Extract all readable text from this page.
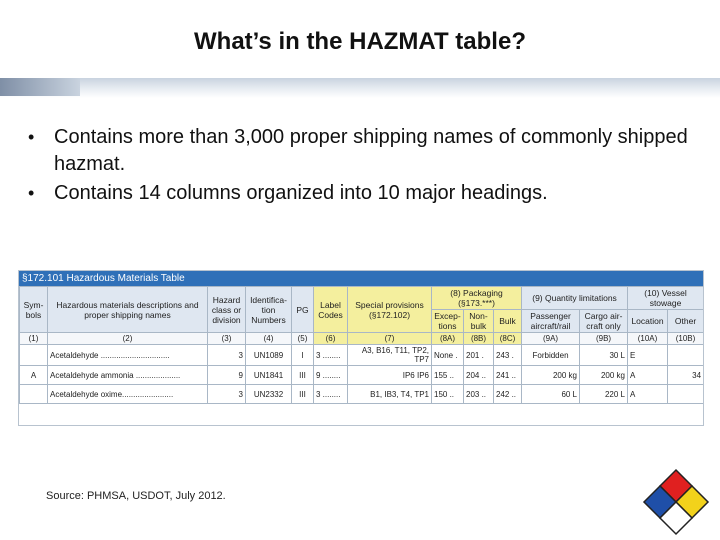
What’s in the HAZMAT table?
• Contains more than 3,000 proper shipping names of commonly shipped hazmat.
• Contains 14 columns organized into 10 major headings.
§172.101 Hazardous Materials Table
Sym-bols	Hazardous materials descriptions and proper shipping names	Hazard class or division	Identifica-tion Numbers	PG	Label Codes	Special provisions (§172.102)	(8) Packaging (§173.***)			(9) Quantity limitations		(10) Vessel stowage	
							Excep-tions	Non-bulk	Bulk	Passenger aircraft/rail	Cargo air-craft only	Location	Other
(1)	(2)	(3)	(4)	(5)	(6)	(7)	(8A)	(8B)	(8C)	(9A)	(9B)	(10A)	(10B)
	Acetaldehyde ...............................	3	UN1089	I	3 ........	A3, B16, T11, TP2, TP7	None .	201 .	243 .	Forbidden	30 L	E	
A	Acetaldehyde ammonia ....................	9	UN1841	III	9 ........	IP6 IP6	155 ..	204 ..	241 ..	200 kg	200 kg	A	34
	Acetaldehyde oxime.......................	3	UN2332	III	3 ........	B1, IB3, T4, TP1	150 ..	203 ..	242 ..	60 L	220 L	A	
Source: PHMSA, USDOT, July 2012.
